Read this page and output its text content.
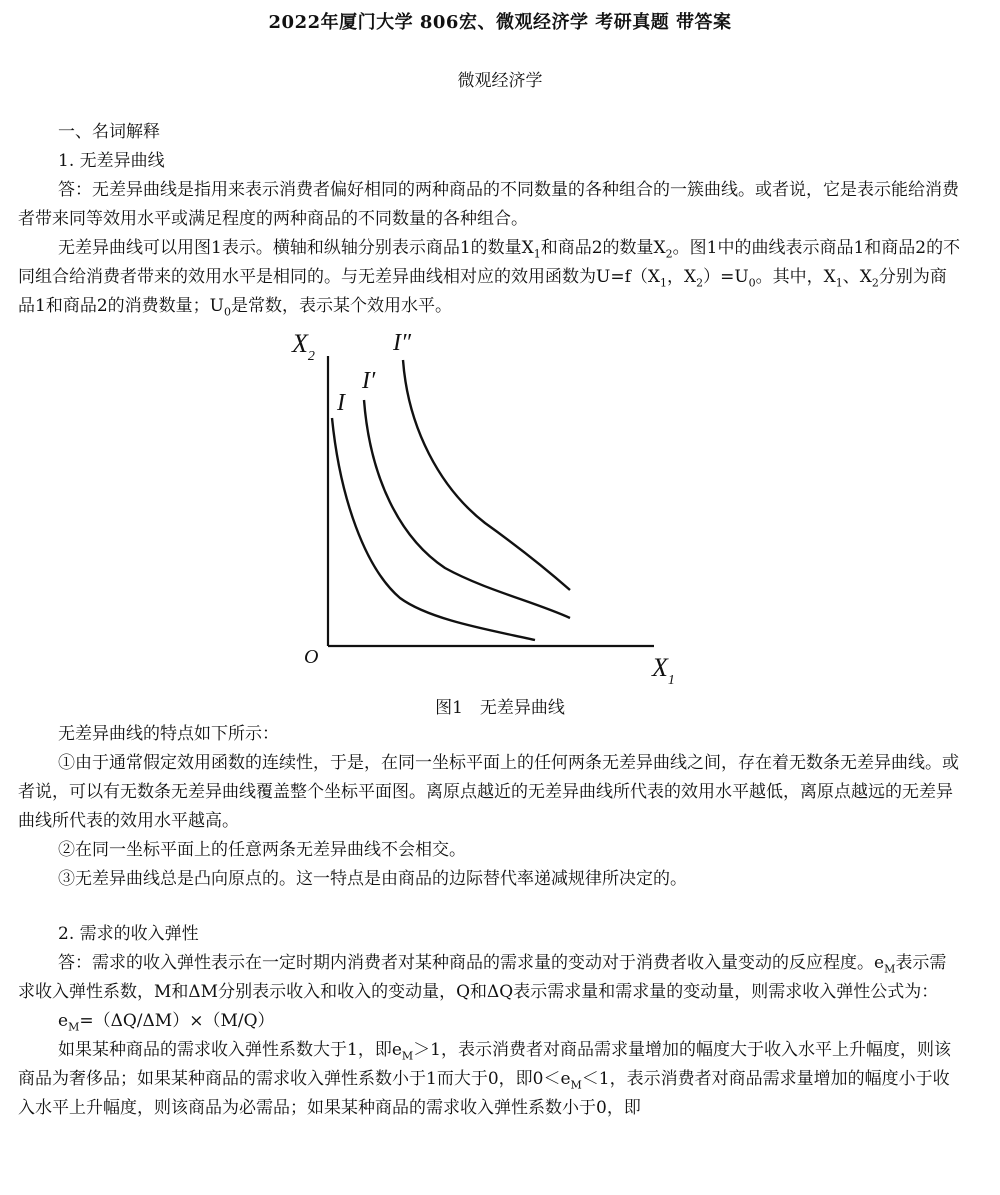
2022年厦门大学 806宏、微观经济学 考研真题 带答案
微观经济学

一、名词解释

1. 无差异曲线

答：无差异曲线是指用来表示消费者偏好相同的两种商品的不同数量的各种组合的一簇曲线。或者说，它是表示能给消费者带来同等效用水平或满足程度的两种商品的不同数量的各种组合。

无差异曲线可以用图1表示。横轴和纵轴分别表示商品1的数量$X_1$和商品2的数量$X_2$。图1中的曲线表示商品1和商品2的不同组合给消费者带来的效用水平是相同的。与无差异曲线相对应的效用函数为$U=f(X_1$，$X_2)=U_0$。其中，$X_1$、$X_2$分别为商品1和商品2的消费数量；$U_0$是常数，表示某个效用水平。

$X_2$
$X_1$
O
I
I′
I″
图1　无差异曲线

无差异曲线的特点如下所示：

①由于通常假定效用函数的连续性，于是，在同一坐标平面上的任何两条无差异曲线之间，存在着无数条无差异曲线。或者说，可以有无数条无差异曲线覆盖整个坐标平面图。离原点越近的无差异曲线所代表的效用水平越低，离原点越远的无差异曲线所代表的效用水平越高。

②在同一坐标平面上的任意两条无差异曲线不会相交。

③无差异曲线总是凸向原点的。这一特点是由商品的边际替代率递减规律所决定的。

2. 需求的收入弹性

答：需求的收入弹性表示在一定时期内消费者对某种商品的需求量的变动对于消费者收入量变动的反应程度。$e_M$表示需求收入弹性系数，M和ΔM分别表示收入和收入的变动量，Q和ΔQ表示需求量和需求量的变动量，则需求收入弹性公式为：

$e_M=(\Delta Q/\Delta M)\times(M/Q)$

如果某种商品的需求收入弹性系数大于1，即$e_M>1$，表示消费者对商品需求量增加的幅度大于收入水平上升幅度，则该商品为奢侈品；如果某种商品的需求收入弹性系数小于1而大于0，即$0<e_M<1$，表示消费者对商品需求量增加的幅度小于收入水平上升幅度，则该商品为必需品；如果某种商品的需求收入弹性系数小于0，即
